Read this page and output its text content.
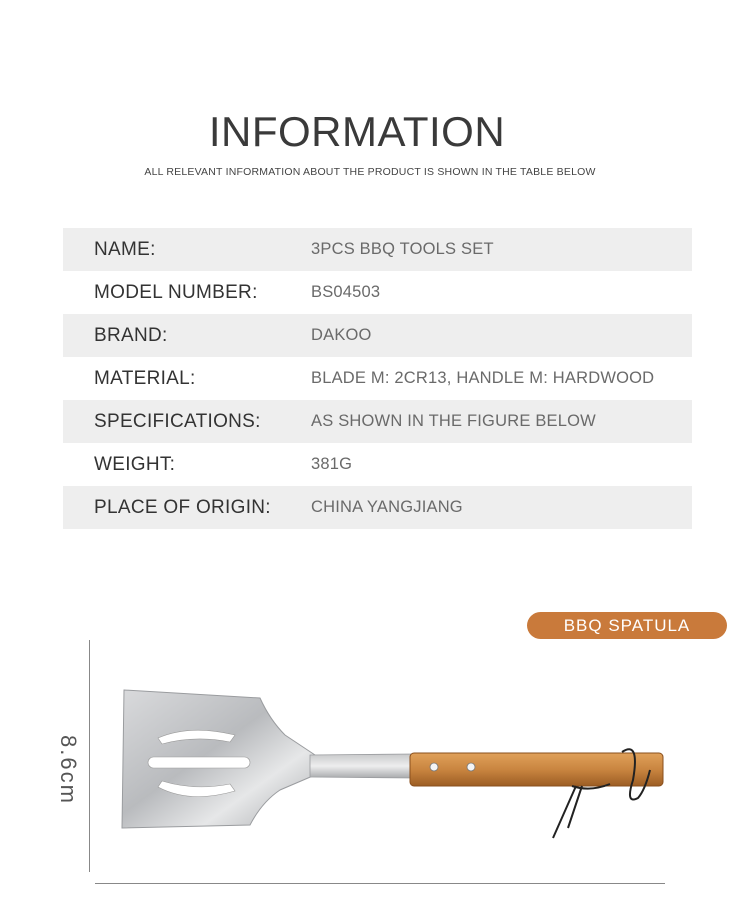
INFORMATION
ALL RELEVANT INFORMATION ABOUT THE PRODUCT IS SHOWN IN THE TABLE BELOW
NAME:	3PCS BBQ TOOLS SET
MODEL NUMBER:	BS04503
BRAND:	DAKOO
MATERIAL:	BLADE M: 2CR13, HANDLE M: HARDWOOD
SPECIFICATIONS:	AS SHOWN IN THE FIGURE BELOW
WEIGHT:	381G
PLACE OF ORIGIN:	CHINA YANGJIANG
BBQ SPATULA
8.6cm
